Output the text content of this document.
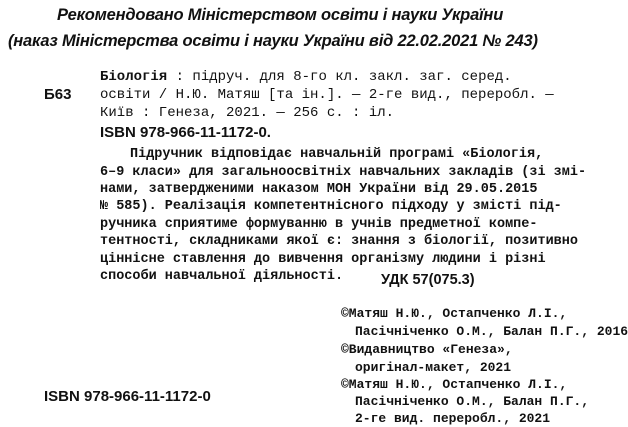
Рекомендовано Міністерством освіти і науки України
(наказ Міністерства освіти і науки України від 22.02.2021 № 243)
Б63
Біологія : підруч. для 8-го кл. закл. заг. серед.
освіти / Н.Ю. Матяш [та ін.]. — 2-ге вид., переробл. —
Київ : Генеза, 2021. — 256 с. : іл.
ISBN 978-966-11-1172-0.
Підручник відповідає навчальній програмі «Біологія,
6–9 класи» для загальноосвітніх навчальних закладів (зі змі-
нами, затвердженими наказом МОН України від 29.05.2015
№ 585). Реалізація компетентнісного підходу у змісті під-
ручника сприятиме формуванню в учнів предметної компе-
тентності, складниками якої є: знання з біології, позитивно
ціннісне ставлення до вивчення організму людини і різні
способи навчальної діяльності.	УДК 57(075.3)
©Матяш Н.Ю., Остапченко Л.І.,
Пасічніченко О.М., Балан П.Г., 2016
©Видавництво «Генеза»,
оригінал-макет, 2021
©Матяш Н.Ю., Остапченко Л.І.,
Пасічніченко О.М., Балан П.Г.,
2-ге вид. переробл., 2021
ISBN 978-966-11-1172-0
